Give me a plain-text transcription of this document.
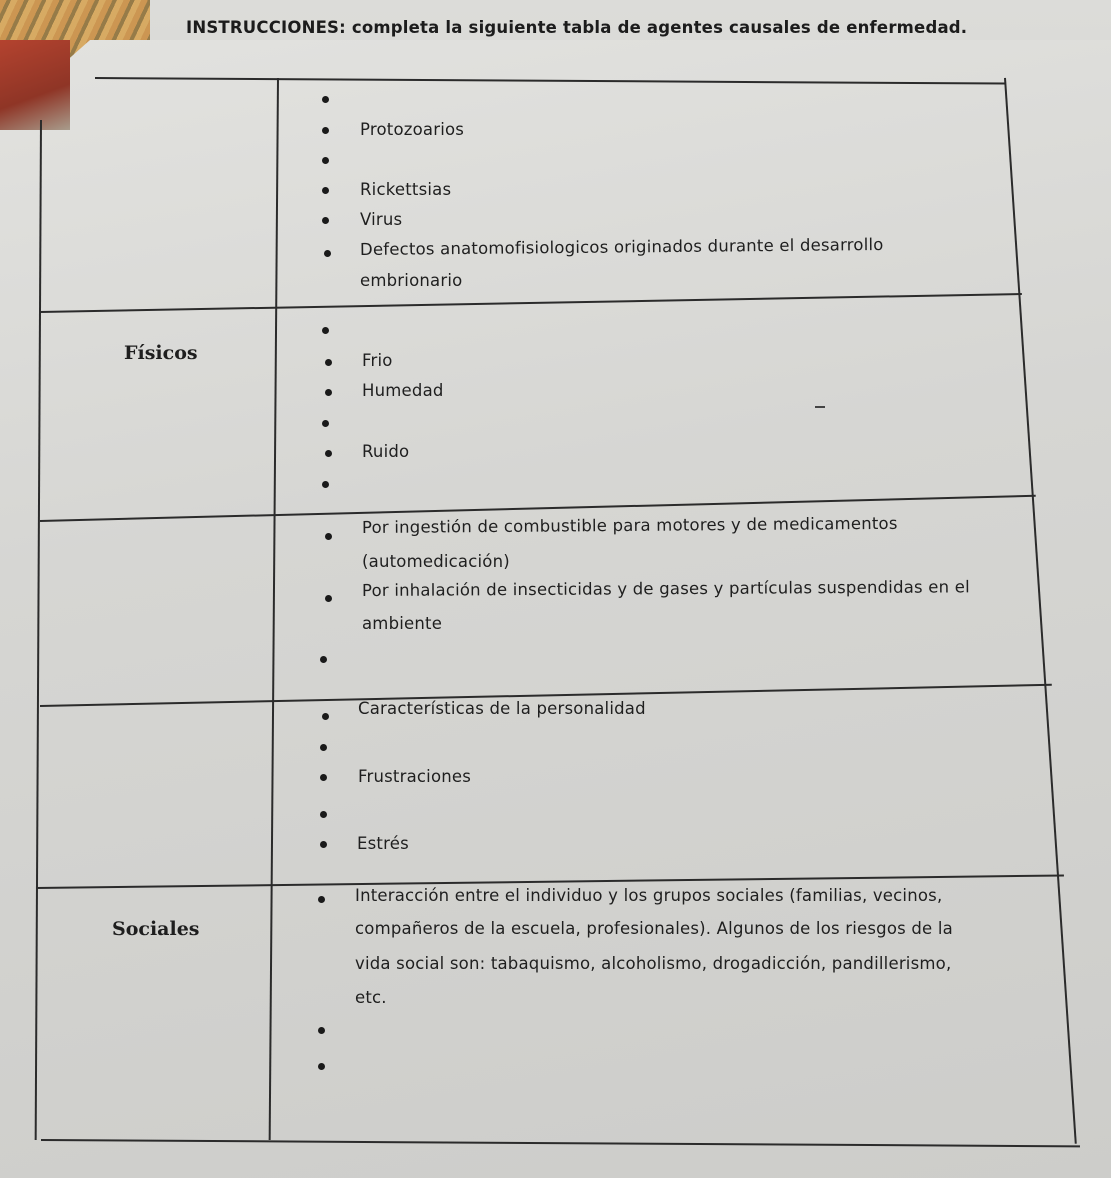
INSTRUCCIONES: completa la siguiente tabla de agentes causales de enfermedad.
Físicos
Sociales
Protozoarios
Rickettsias
Virus
Defectos anatomofisiologicos originados durante el desarrollo
embrionario
Frio
Humedad
Ruido
Por ingestión de combustible para motores y de medicamentos
(automedicación)
Por inhalación de insecticidas y de gases y partículas suspendidas en el
ambiente
Características de la personalidad
Frustraciones
Estrés
Interacción entre el individuo y los grupos sociales (familias, vecinos,
compañeros de la escuela, profesionales). Algunos de los riesgos de la
vida social son: tabaquismo, alcoholismo, drogadicción, pandillerismo,
etc.
